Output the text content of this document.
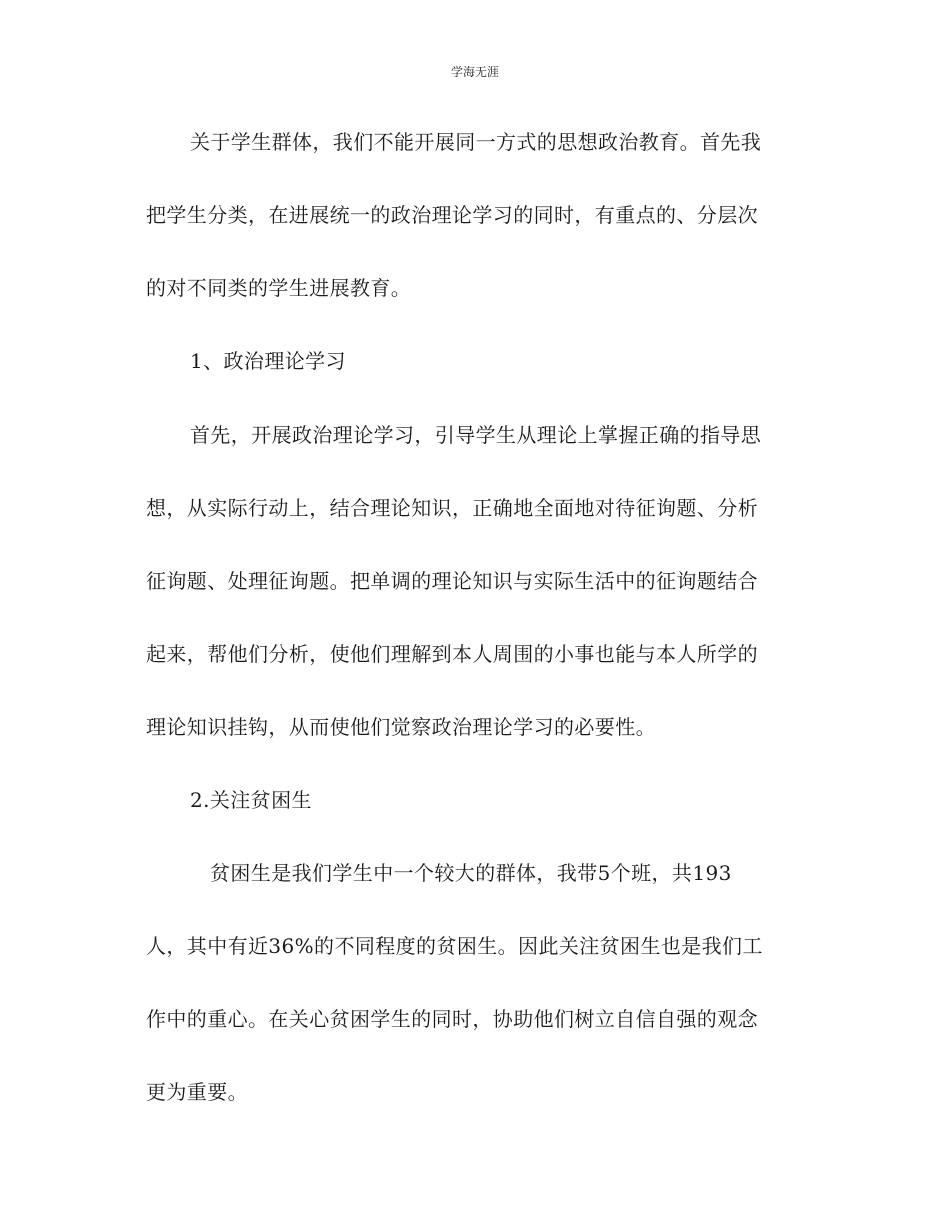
学海无涯
关于学生群体，我们不能开展同一方式的思想政治教育。首先我
把学生分类，在进展统一的政治理论学习的同时，有重点的、分层次
的对不同类的学生进展教育。
1、政治理论学习
首先，开展政治理论学习，引导学生从理论上掌握正确的指导思
想，从实际行动上，结合理论知识，正确地全面地对待征询题、分析
征询题、处理征询题。把单调的理论知识与实际生活中的征询题结合
起来，帮他们分析，使他们理解到本人周围的小事也能与本人所学的
理论知识挂钩，从而使他们觉察政治理论学习的必要性。
2.关注贫困生
贫困生是我们学生中一个较大的群体，我带5个班，共193
人，其中有近36%的不同程度的贫困生。因此关注贫困生也是我们工
作中的重心。在关心贫困学生的同时，协助他们树立自信自强的观念
更为重要。
